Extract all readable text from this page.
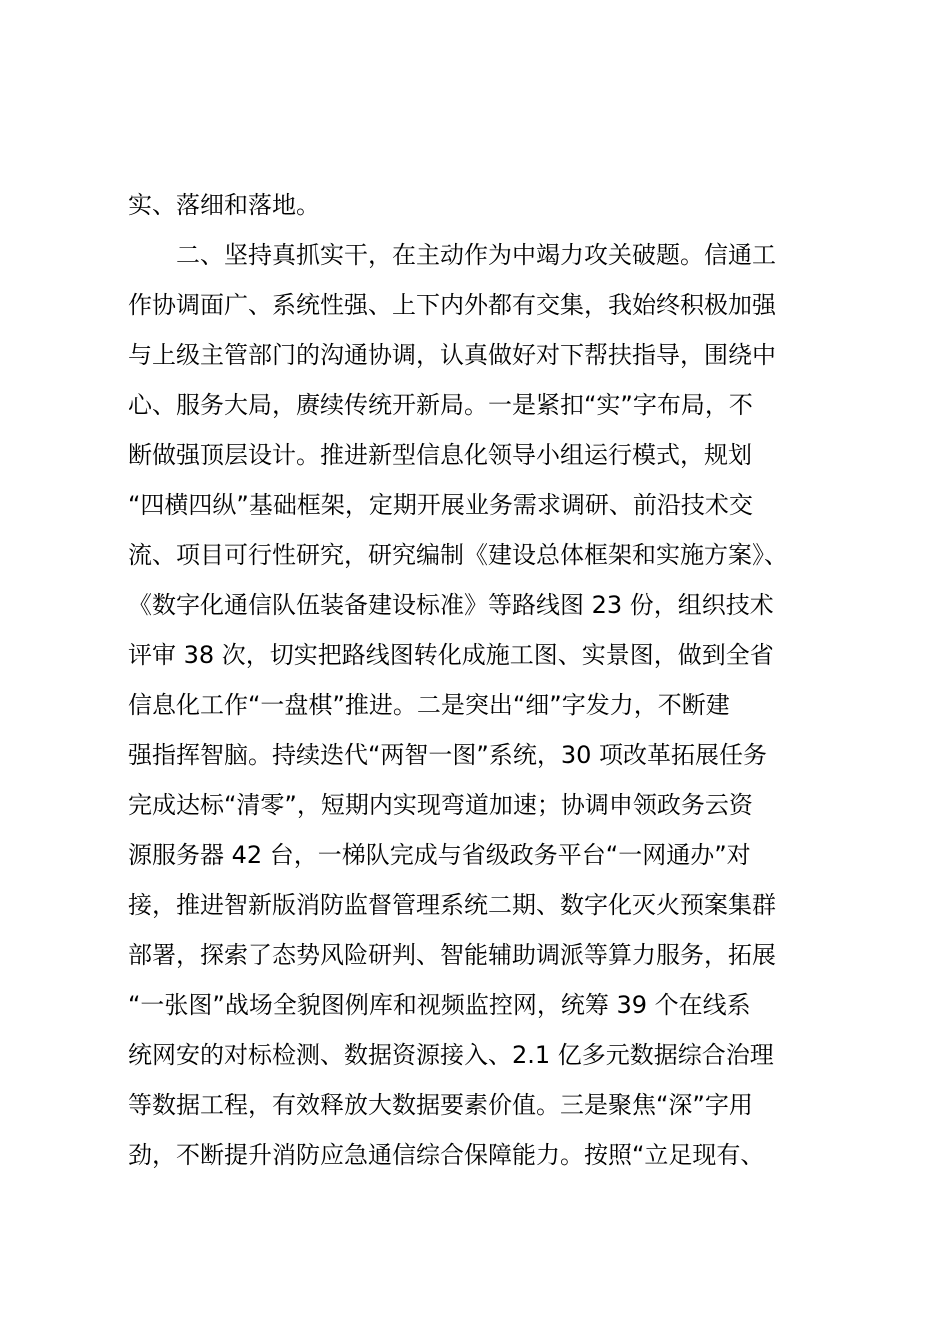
实、落细和落地。
　　二、坚持真抓实干，在主动作为中竭力攻关破题。信通工
作协调面广、系统性强、上下内外都有交集，我始终积极加强
与上级主管部门的沟通协调，认真做好对下帮扶指导，围绕中
心、服务大局，赓续传统开新局。一是紧扣“实”字布局，不
断做强顶层设计。推进新型信息化领导小组运行模式，规划
“四横四纵”基础框架，定期开展业务需求调研、前沿技术交
流、项目可行性研究，研究编制《建设总体框架和实施方案》、
《数字化通信队伍装备建设标准》等路线图 23 份，组织技术
评审 38 次，切实把路线图转化成施工图、实景图，做到全省
信息化工作“一盘棋”推进。二是突出“细”字发力，不断建
强指挥智脑。持续迭代“两智一图”系统，30 项改革拓展任务
完成达标“清零”，短期内实现弯道加速；协调申领政务云资
源服务器 42 台，一梯队完成与省级政务平台“一网通办”对
接，推进智新版消防监督管理系统二期、数字化灭火预案集群
部署，探索了态势风险研判、智能辅助调派等算力服务，拓展
“一张图”战场全貌图例库和视频监控网，统筹 39 个在线系
统网安的对标检测、数据资源接入、2.1 亿多元数据综合治理
等数据工程，有效释放大数据要素价值。三是聚焦“深”字用
劲，不断提升消防应急通信综合保障能力。按照“立足现有、
